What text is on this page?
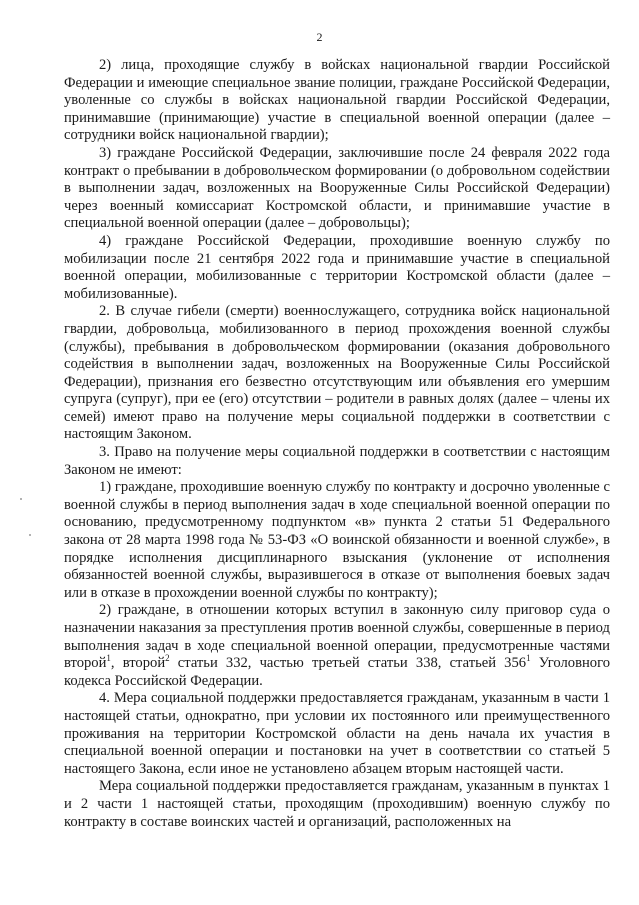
2

2) лица, проходящие службу в войсках национальной гвардии Российской Федерации и имеющие специальное звание полиции, граждане Российской Федерации, уволенные со службы в войсках национальной гвардии Российской Федерации, принимавшие (принимающие) участие в специальной военной операции (далее – сотрудники войск национальной гвардии);

3) граждане Российской Федерации, заключившие после 24 февраля 2022 года контракт о пребывании в добровольческом формировании (о добровольном содействии в выполнении задач, возложенных на Вооруженные Силы Российской Федерации) через военный комиссариат Костромской области, и принимавшие участие в специальной военной операции (далее – добровольцы);

4) граждане Российской Федерации, проходившие военную службу по мобилизации после 21 сентября 2022 года и принимавшие участие в специальной военной операции, мобилизованные с территории Костромской области (далее – мобилизованные).

2. В случае гибели (смерти) военнослужащего, сотрудника войск национальной гвардии, добровольца, мобилизованного в период прохождения военной службы (службы), пребывания в добровольческом формировании (оказания добровольного содействия в выполнении задач, возложенных на Вооруженные Силы Российской Федерации), признания его безвестно отсутствующим или объявления его умершим супруга (супруг), при ее (его) отсутствии – родители в равных долях (далее – члены их семей) имеют право на получение меры социальной поддержки в соответствии с настоящим Законом.

3. Право на получение меры социальной поддержки в соответствии с настоящим Законом не имеют:

1) граждане, проходившие военную службу по контракту и досрочно уволенные с военной службы в период выполнения задач в ходе специальной военной операции по основанию, предусмотренному подпунктом «в» пункта 2 статьи 51 Федерального закона от 28 марта 1998 года № 53-ФЗ «О воинской обязанности и военной службе», в порядке исполнения дисциплинарного взыскания (уклонение от исполнения обязанностей военной службы, выразившегося в отказе от выполнения боевых задач или в отказе в прохождении военной службы по контракту);

2) граждане, в отношении которых вступил в законную силу приговор суда о назначении наказания за преступления против военной службы, совершенные в период выполнения задач в ходе специальной военной операции, предусмотренные частями второй$^1$, второй$^2$ статьи 332, частью третьей статьи 338, статьей $356^1$ Уголовного кодекса Российской Федерации.

4. Мера социальной поддержки предоставляется гражданам, указанным в части 1 настоящей статьи, однократно, при условии их постоянного или преимущественного проживания на территории Костромской области на день начала их участия в специальной военной операции и постановки на учет в соответствии со статьей 5 настоящего Закона, если иное не установлено абзацем вторым настоящей части.

Мера социальной поддержки предоставляется гражданам, указанным в пунктах 1 и 2 части 1 настоящей статьи, проходящим (проходившим) военную службу по контракту в составе воинских частей и организаций, расположенных на
